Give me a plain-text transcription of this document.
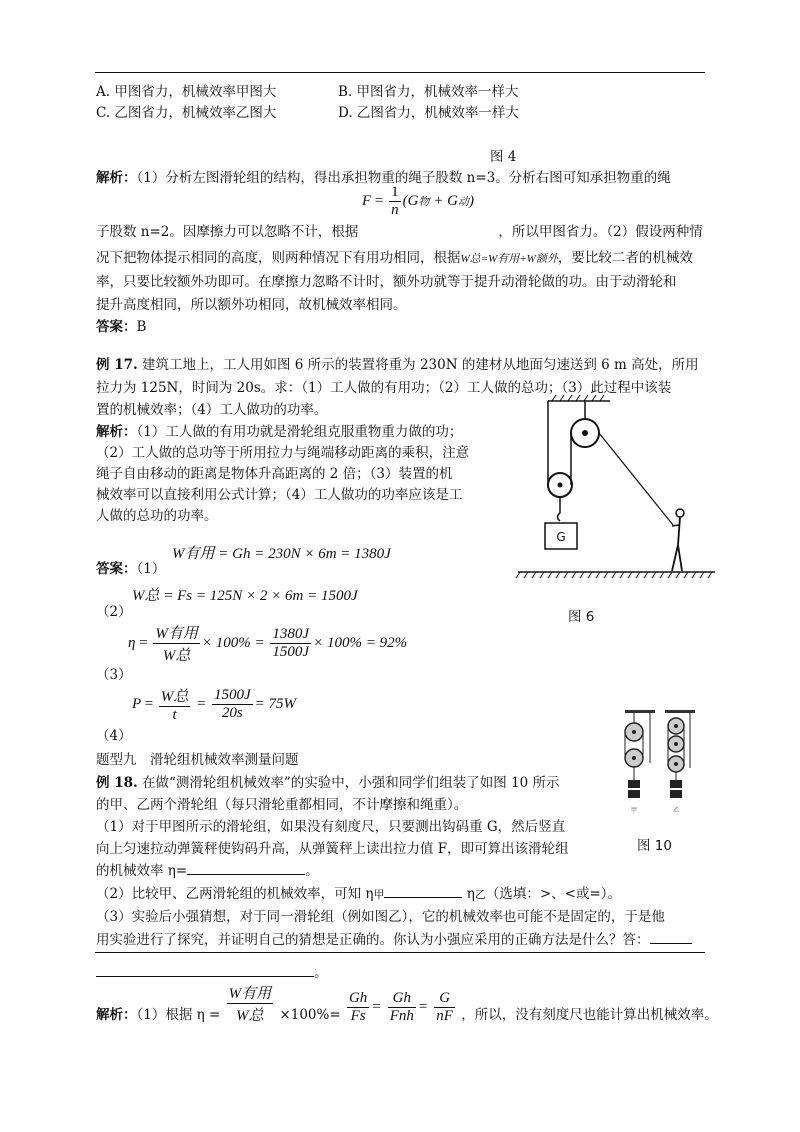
A. 甲图省力，机械效率甲图大	B. 甲图省力，机械效率一样大
C. 乙图省力，机械效率乙图大	D. 乙图省力，机械效率一样大
图 4
解析：（1）分析左图滑轮组的结构，得出承担物重的绳子股数 n=3。分析右图可知承担物重的绳
$F = \frac{1}{n} (G$物 + G动)
子股数 n=2。因摩擦力可以忽略不计，根据	，所以甲图省力。（2）假设两种情
况下把物体提示相同的高度，则两种情况下有用功相同，根据W总=W有用+W额外，要比较二者的机械效
率，只要比较额外功即可。在摩擦力忽略不计时，额外功就等于提升动滑轮做的功。由于动滑轮和
提升高度相同，所以额外功相同，故机械效率相同。
答案：B
例 17. 建筑工地上，工人用如图 6 所示的装置将重为 230N 的建材从地面匀速送到 6 m 高处，所用
拉力为 125N，时间为 20s。求：（1）工人做的有用功；（2）工人做的总功；（3）此过程中该装
置的机械效率；（4）工人做功的功率。
解析：（1）工人做的有用功就是滑轮组克服重物重力做的功；
（2）工人做的总功等于所用拉力与绳端移动距离的乘积，注意
绳子自由移动的距离是物体升高距离的 2 倍；（3）装置的机
械效率可以直接利用公式计算；（4）工人做功的功率应该是工
人做的总功的功率。
W有用 = Gh = 230N × 6m = 1380J
答案：（1）
W总 = Fs = 125N × 2 × 6m = 1500J
（2）
$\eta = \frac{\text{W有用}}{\text{W总}} \times 100\% = \frac{1380J}{1500J} \times 100\% = 92\%$
（3）
$P = \frac{\text{W总}}{t} = \frac{1500J}{20s} = 75W$
（4）
G
图 6
甲	乙
图 10
题型九　滑轮组机械效率测量问题
例 18. 在做“测滑轮组机械效率”的实验中，小强和同学们组装了如图 10 所示
的甲、乙两个滑轮组（每只滑轮重都相同，不计摩擦和绳重）。
（1）对于甲图所示的滑轮组，如果没有刻度尺，只要测出钩码重 G，然后竖直
向上匀速拉动弹簧秤使钩码升高，从弹簧秤上读出拉力值 F，即可算出该滑轮组
的机械效率 η=	。
（2）比较甲、乙两滑轮组的机械效率，可知 η甲	η乙（选填：>、<或=）。
（3）实验后小强猜想，对于同一滑轮组（例如图乙），它的机械效率也可能不是固定的，于是他
用实验进行了探究，并证明自己的猜想是正确的。你认为小强应采用的正确方法是什么？答：
。
解析：（1）根据 $\eta = \frac{\text{W有用}}{\text{W总}} \times 100\%= \frac{Gh}{Fs} = \frac{Gh}{\text{Fnh}} = \frac{G}{nF}$ ，所以，没有刻度尺也能计算出机械效率。
